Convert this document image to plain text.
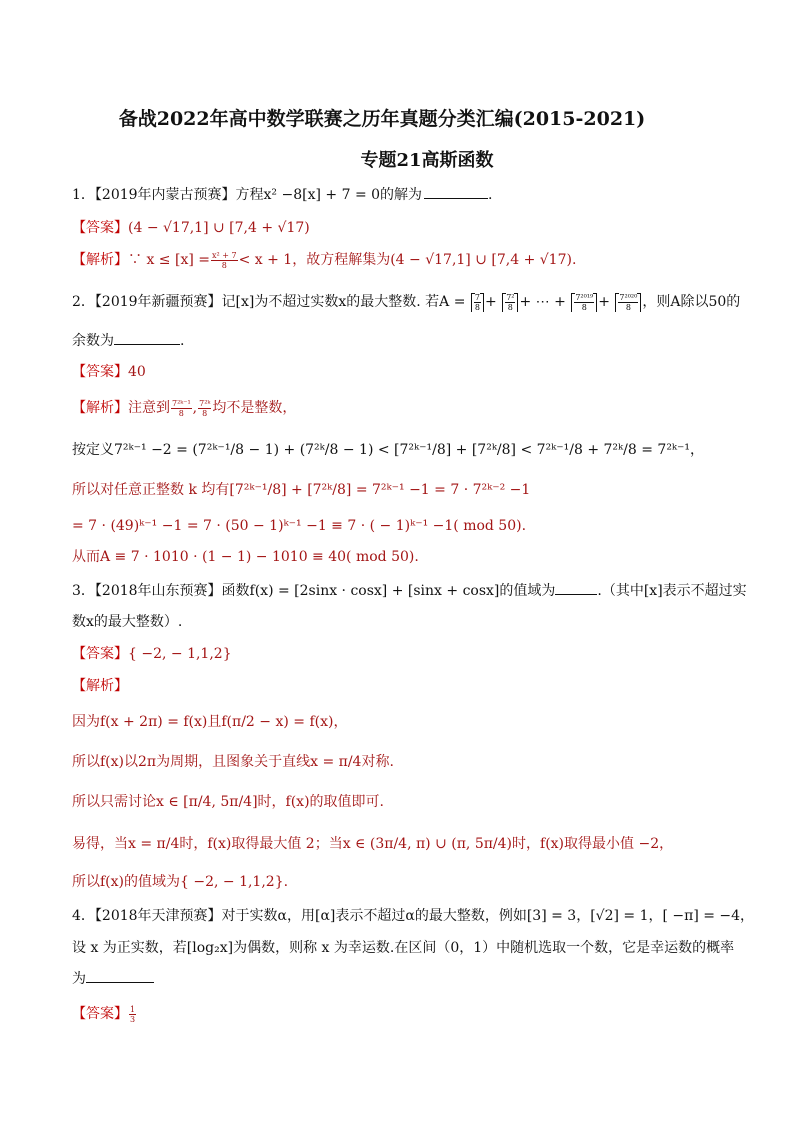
备战2022年高中数学联赛之历年真题分类汇编(2015-2021)
专题21高斯函数
1．【2019年内蒙古预赛】方程x² −8[x] + 7 = 0的解为	.
【答案】(4 − √17,1] ∪ [7,4 + √17)
【解析】∵ $x \le [x] = \frac{\text{x² + 7}}{8} < x + 1$，故方程解集为(4 − √17,1] ∪ [7,4 + √17).
2．【2019年新疆预赛】记[x]为不超过实数x的最大整数. 若$A = \frac{7}{8} + \frac{\text{7²}}{8}$ + ⋯ + $\frac{\text{7²⁰¹⁹}}{8} + \frac{\text{7²⁰²⁰}}{8}$ ，则A除以50的
余数为	.
【答案】40
【解析】注意到 $\frac{\text{7²ᵏ⁻¹}}{8}$ , $\frac{\text{7²ᵏ}}{8}$ 均不是整数，
按定义7²ᵏ⁻¹ −2 = (7²ᵏ⁻¹/8 − 1) + (7²ᵏ/8 − 1) < [7²ᵏ⁻¹/8] + [7²ᵏ/8] < 7²ᵏ⁻¹/8 + 7²ᵏ/8 = 7²ᵏ⁻¹，
所以对任意正整数 k 均有[7²ᵏ⁻¹/8] + [7²ᵏ/8] = 7²ᵏ⁻¹ −1 = 7 · 7²ᵏ⁻² −1
= 7 · (49)ᵏ⁻¹ −1 = 7 · (50 − 1)ᵏ⁻¹ −1 ≡ 7 · ( − 1)ᵏ⁻¹ −1( mod 50).
从而A ≡ 7 · 1010 · (1 − 1) − 1010 ≡ 40( mod 50).
3．【2018年山东预赛】函数f(x) = [2sinx · cosx] + [sinx + cosx]的值域为	.（其中[x]表示不超过实
数x的最大整数）.
【答案】{ −2, − 1,1,2}
【解析】
因为f(x + 2π) = f(x)且f(π/2 − x) = f(x)，
所以f(x)以2π为周期，且图象关于直线x = π/4对称.
所以只需讨论x ∈ [π/4, 5π/4]时，f(x)的取值即可.
易得，当x = π/4时，f(x)取得最大值 2；当x ∈ (3π/4, π) ∪ (π, 5π/4)时，f(x)取得最小值 −2，
所以f(x)的值域为{ −2, − 1,1,2}.
4．【2018年天津预赛】对于实数α，用[α]表示不超过α的最大整数，例如[3] = 3，[√2] = 1，[ −π] = −4，
设 x 为正实数，若[log₂x]为偶数，则称 x 为幸运数.在区间（0，1）中随机选取一个数，它是幸运数的概率
为
【答案】 $\frac{1}{3}$
